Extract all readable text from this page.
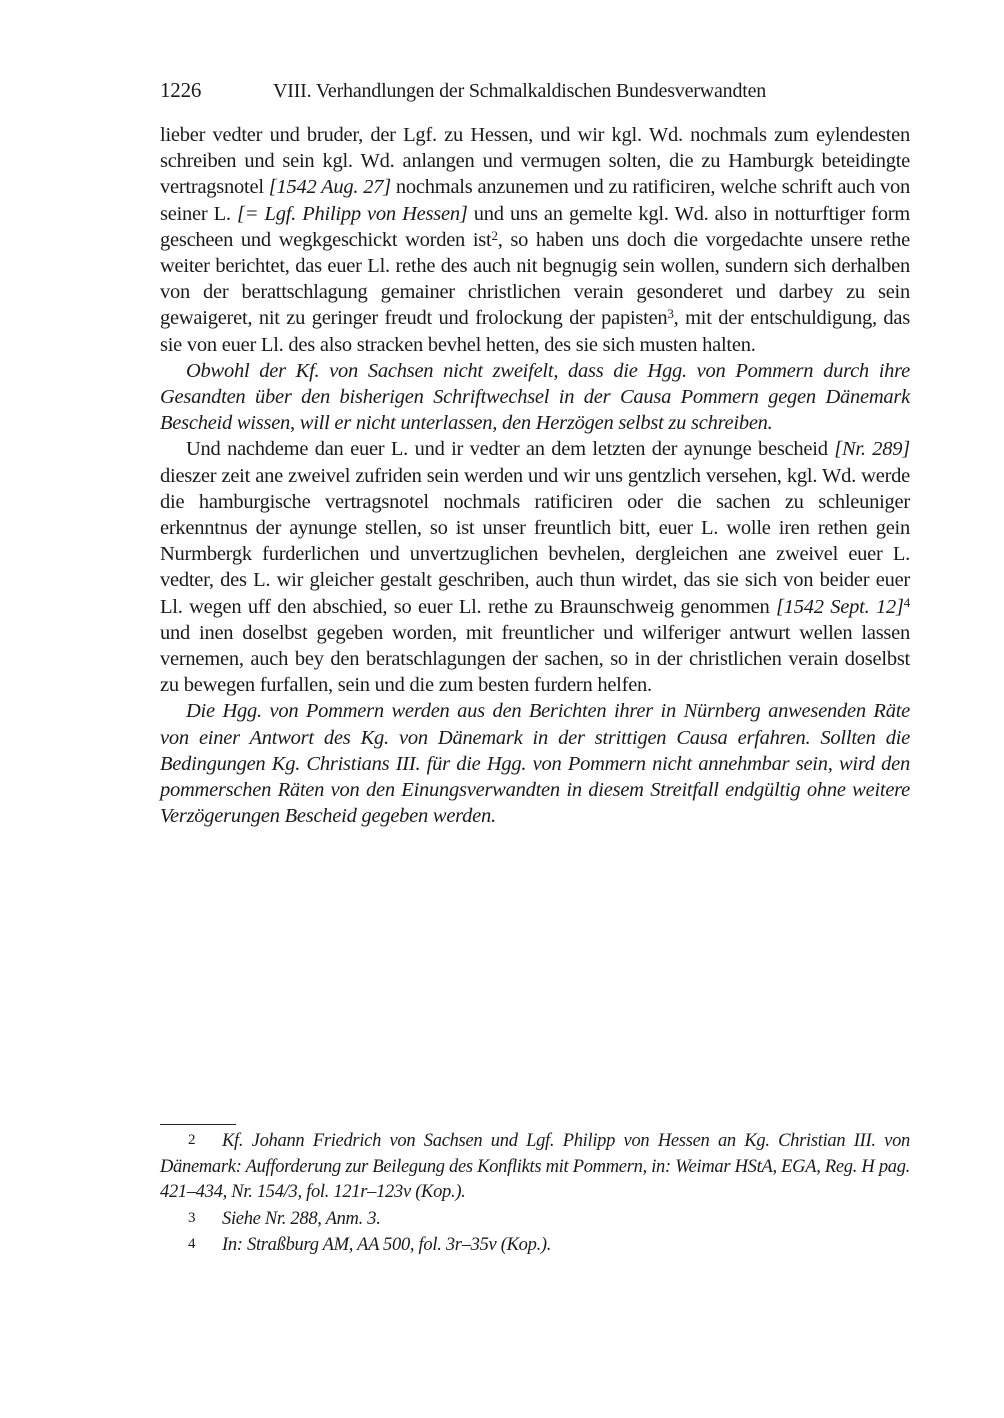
1226	VIII. Verhandlungen der Schmalkaldischen Bundesverwandten

lieber vedter und bruder, der Lgf. zu Hessen, und wir kgl. Wd. nochmals zum eylendesten schreiben und sein kgl. Wd. anlangen und vermugen solten, die zu Hamburgk beteidingte vertragsnotel [1542 Aug. 27] nochmals anzunemen und zu ratificiren, welche schrift auch von seiner L. [= Lgf. Philipp von Hessen] und uns an gemelte kgl. Wd. also in notturftiger form gescheen und wegkgeschickt worden ist$^2$, so haben uns doch die vorgedachte unsere rethe weiter berichtet, das euer Ll. rethe des auch nit begnugig sein wollen, sundern sich derhalben von der berattschlagung gemainer christlichen verain gesonderet und darbey zu sein gewaigeret, nit zu geringer freudt und frolockung der papisten$^3$, mit der entschuldigung, das sie von euer Ll. des also stracken bevhel hetten, des sie sich musten halten.

Obwohl der Kf. von Sachsen nicht zweifelt, dass die Hgg. von Pommern durch ihre Gesandten über den bisherigen Schriftwechsel in der Causa Pommern gegen Dänemark Bescheid wissen, will er nicht unterlassen, den Herzögen selbst zu schreiben.

Und nachdeme dan euer L. und ir vedter an dem letzten der aynunge bescheid [Nr. 289] dieszer zeit ane zweivel zufriden sein werden und wir uns gentzlich versehen, kgl. Wd. werde die hamburgische vertragsnotel nochmals ratificiren oder die sachen zu schleuniger erkenntnus der aynunge stellen, so ist unser freuntlich bitt, euer L. wolle iren rethen gein Nurmbergk furderlichen und unvertzuglichen bevhelen, dergleichen ane zweivel euer L. vedter, des L. wir gleicher gestalt geschriben, auch thun wirdet, das sie sich von beider euer Ll. wegen uff den abschied, so euer Ll. rethe zu Braunschweig genommen [1542 Sept. 12]$^4$ und inen doselbst gegeben worden, mit freuntlicher und wilferiger antwurt wellen lassen vernemen, auch bey den beratschlagungen der sachen, so in der christlichen verain doselbst zu bewegen furfallen, sein und die zum besten furdern helfen.

Die Hgg. von Pommern werden aus den Berichten ihrer in Nürnberg anwesenden Räte von einer Antwort des Kg. von Dänemark in der strittigen Causa erfahren. Sollten die Bedingungen Kg. Christians III. für die Hgg. von Pommern nicht annehmbar sein, wird den pommerschen Räten von den Einungsverwandten in diesem Streitfall endgültig ohne weitere Verzögerungen Bescheid gegeben werden.

2 Kf. Johann Friedrich von Sachsen und Lgf. Philipp von Hessen an Kg. Christian III. von Dänemark: Aufforderung zur Beilegung des Konflikts mit Pommern, in: Weimar HStA, EGA, Reg. H pag. 421–434, Nr. 154/3, fol. 121r–123v (Kop.).

3 Siehe Nr. 288, Anm. 3.

4 In: Straßburg AM, AA 500, fol. 3r–35v (Kop.).
